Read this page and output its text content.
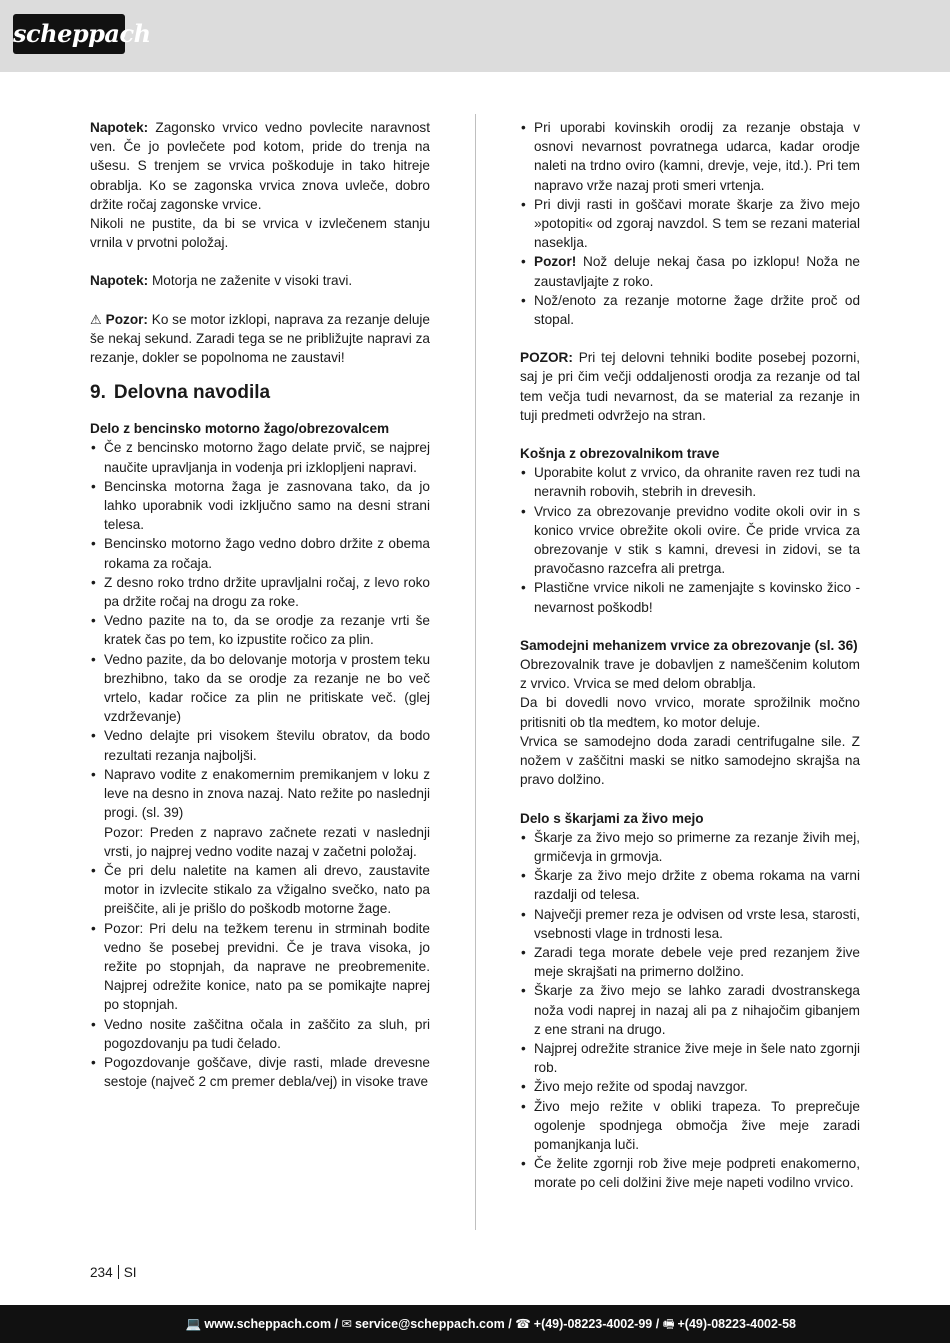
scheppach

Napotek: Zagonsko vrvico vedno povlecite naravnost ven. Če jo povlečete pod kotom, pride do trenja na ušesu. S trenjem se vrvica poškoduje in tako hitreje obrablja. Ko se zagonska vrvica znova uvleče, dobro držite ročaj zagonske vrvice.

Nikoli ne pustite, da bi se vrvica v izvlečenem stanju vrnila v prvotni položaj.

Napotek: Motorja ne zaženite v visoki travi.

⚠ Pozor: Ko se motor izklopi, naprava za rezanje deluje še nekaj sekund. Zaradi tega se ne približujte napravi za rezanje, dokler se popolnoma ne zaustavi!

9. Delovna navodila
Delo z bencinsko motorno žago/obrezovalcem
• Če z bencinsko motorno žago delate prvič, se najprej naučite upravljanja in vodenja pri izklopljeni napravi.
• Bencinska motorna žaga je zasnovana tako, da jo lahko uporabnik vodi izključno samo na desni strani telesa.
• Bencinsko motorno žago vedno dobro držite z obema rokama za ročaja.
• Z desno roko trdno držite upravljalni ročaj, z levo roko pa držite ročaj na drogu za roke.
• Vedno pazite na to, da se orodje za rezanje vrti še kratek čas po tem, ko izpustite ročico za plin.
• Vedno pazite, da bo delovanje motorja v prostem teku brezhibno, tako da se orodje za rezanje ne bo več vrtelo, kadar ročice za plin ne pritiskate več. (glej vzdrževanje)
• Vedno delajte pri visokem številu obratov, da bodo rezultati rezanja najboljši.
• Napravo vodite z enakomernim premikanjem v loku z leve na desno in znova nazaj. Nato režite po naslednji progi. (sl. 39)
Pozor: Preden z napravo začnete rezati v naslednji vrsti, jo najprej vedno vodite nazaj v začetni položaj.
• Če pri delu naletite na kamen ali drevo, zaustavite motor in izvlecite stikalo za vžigalno svečko, nato pa preiščite, ali je prišlo do poškodb motorne žage.
• Pozor: Pri delu na težkem terenu in strminah bodite vedno še posebej previdni. Če je trava visoka, jo režite po stopnjah, da naprave ne preobremenite. Najprej odrežite konice, nato pa se pomikajte naprej po stopnjah.
• Vedno nosite zaščitna očala in zaščito za sluh, pri pogozdovanju pa tudi čelado.
• Pogozdovanje goščave, divje rasti, mlade drevesne sestoje (največ 2 cm premer debla/vej) in visoke trave
• Pri uporabi kovinskih orodij za rezanje obstaja v osnovi nevarnost povratnega udarca, kadar orodje naleti na trdno oviro (kamni, drevje, veje, itd.). Pri tem napravo vrže nazaj proti smeri vrtenja.
• Pri divji rasti in goščavi morate škarje za živo mejo »potopiti« od zgoraj navzdol. S tem se rezani material naseklja.
• Pozor! Nož deluje nekaj časa po izklopu! Noža ne zaustavljajte z roko.
• Nož/enoto za rezanje motorne žage držite proč od stopal.

POZOR: Pri tej delovni tehniki bodite posebej pozorni, saj je pri čim večji oddaljenosti orodja za rezanje od tal tem večja tudi nevarnost, da se material za rezanje in tuji predmeti odvržejo na stran.

Košnja z obrezovalnikom trave
• Uporabite kolut z vrvico, da ohranite raven rez tudi na neravnih robovih, stebrih in drevesih.
• Vrvico za obrezovanje previdno vodite okoli ovir in s konico vrvice obrežite okoli ovire. Če pride vrvica za obrezovanje v stik s kamni, drevesi in zidovi, se ta pravočasno razcefra ali pretrga.
• Plastične vrvice nikoli ne zamenjajte s kovinsko žico - nevarnost poškodb!
Samodejni mehanizem vrvice za obrezovanje (sl. 36)

Obrezovalnik trave je dobavljen z nameščenim kolutom z vrvico. Vrvica se med delom obrablja.

Da bi dovedli novo vrvico, morate sprožilnik močno pritisniti ob tla medtem, ko motor deluje.

Vrvica se samodejno doda zaradi centrifugalne sile. Z nožem v zaščitni maski se nitko samodejno skrajša na pravo dolžino.

Delo s škarjami za živo mejo
• Škarje za živo mejo so primerne za rezanje živih mej, grmičevja in grmovja.
• Škarje za živo mejo držite z obema rokama na varni razdalji od telesa.
• Največji premer reza je odvisen od vrste lesa, starosti, vsebnosti vlage in trdnosti lesa.
• Zaradi tega morate debele veje pred rezanjem žive meje skrajšati na primerno dolžino.
• Škarje za živo mejo se lahko zaradi dvostranskega noža vodi naprej in nazaj ali pa z nihajočim gibanjem z ene strani na drugo.
• Najprej odrežite stranice žive meje in šele nato zgornji rob.
• Živo mejo režite od spodaj navzgor.
• Živo mejo režite v obliki trapeza. To preprečuje ogolenje spodnjega območja žive meje zaradi pomanjkanja luči.
• Če želite zgornji rob žive meje podpreti enakomerno, morate po celi dolžini žive meje napeti vodilno vrvico.
234 SI
💻 www.scheppach.com / ✉ service@scheppach.com / ☎ +(49)-08223-4002-99 / 🖷 +(49)-08223-4002-58
